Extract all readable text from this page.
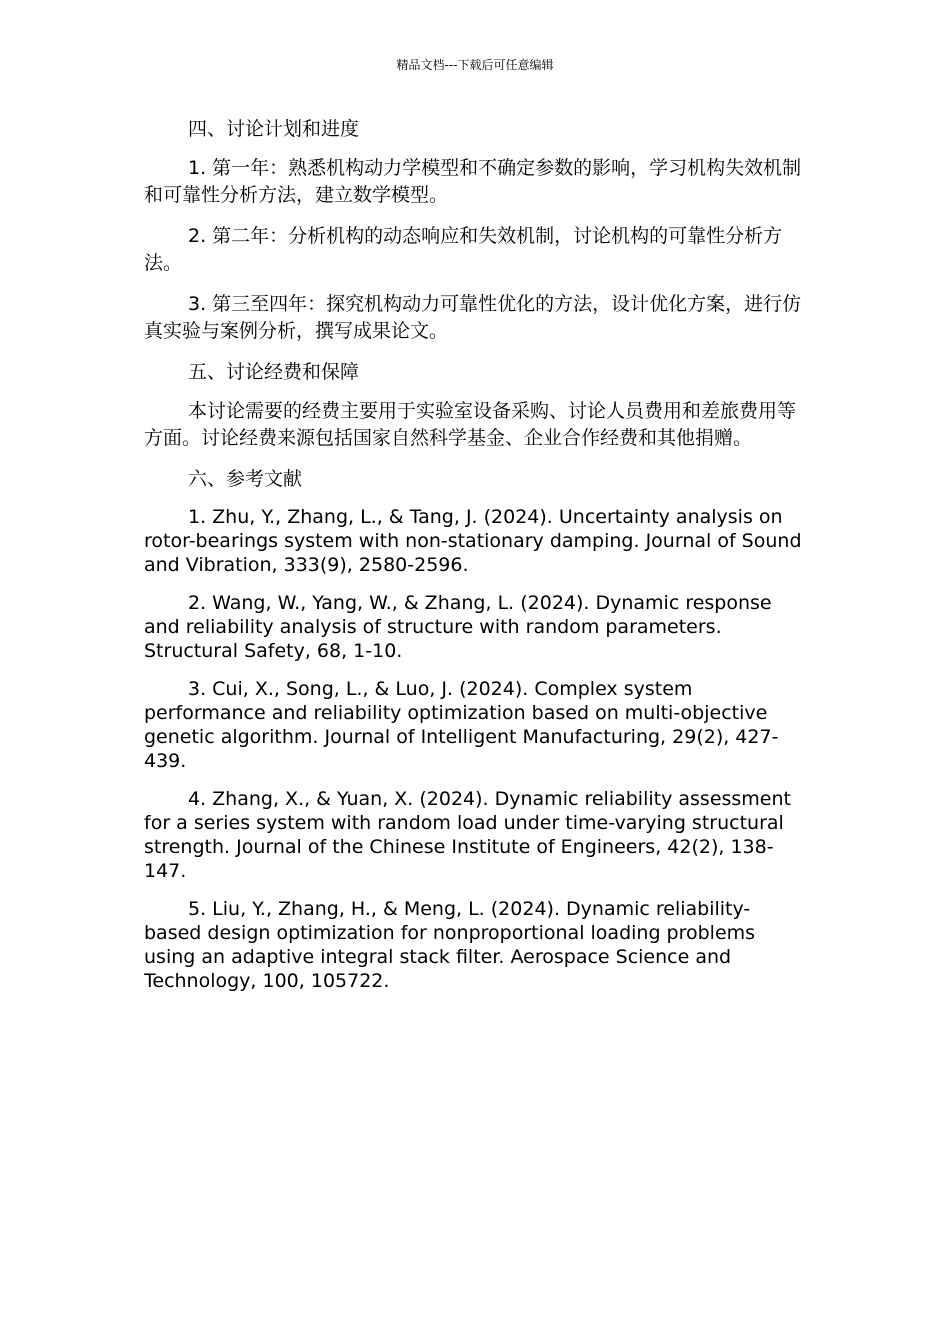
精品文档---下载后可任意编辑

四、讨论计划和进度

1. 第一年：熟悉机构动力学模型和不确定参数的影响，学习机构失效机制和可靠性分析方法，建立数学模型。

2. 第二年：分析机构的动态响应和失效机制，讨论机构的可靠性分析方法。

3. 第三至四年：探究机构动力可靠性优化的方法，设计优化方案，进行仿真实验与案例分析，撰写成果论文。

五、讨论经费和保障

本讨论需要的经费主要用于实验室设备采购、讨论人员费用和差旅费用等方面。讨论经费来源包括国家自然科学基金、企业合作经费和其他捐赠。

六、参考文献

1. Zhu, Y., Zhang, L., & Tang, J. (2024). Uncertainty analysis on rotor-bearings system with non-stationary damping. Journal of Sound and Vibration, 333(9), 2580-2596.

2. Wang, W., Yang, W., & Zhang, L. (2024). Dynamic response and reliability analysis of structure with random parameters. Structural Safety, 68, 1-10.

3. Cui, X., Song, L., & Luo, J. (2024). Complex system performance and reliability optimization based on multi-objective genetic algorithm. Journal of Intelligent Manufacturing, 29(2), 427-439.

4. Zhang, X., & Yuan, X. (2024). Dynamic reliability assessment for a series system with random load under time-varying structural strength. Journal of the Chinese Institute of Engineers, 42(2), 138-147.

5. Liu, Y., Zhang, H., & Meng, L. (2024). Dynamic reliability-based design optimization for nonproportional loading problems using an adaptive integral stack filter. Aerospace Science and Technology, 100, 105722.
